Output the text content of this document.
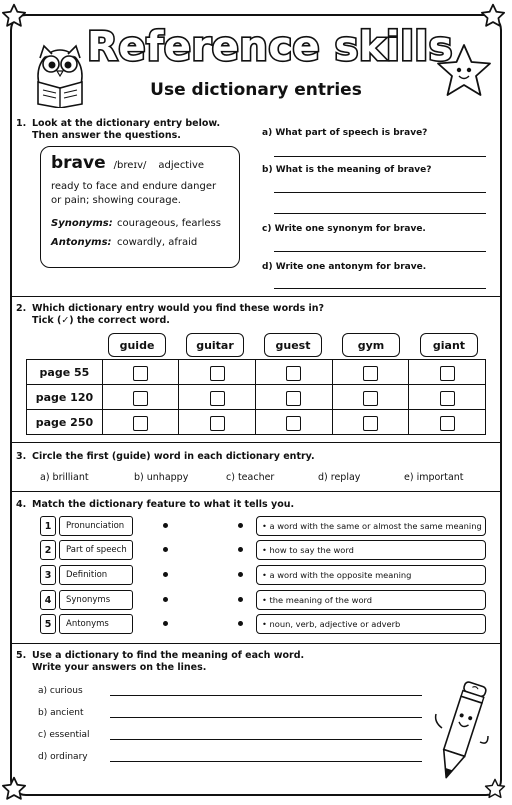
Reference skills
Use dictionary entries
1. Look at the dictionary entry below.
Then answer the questions.
brave /breɪv/ adjective
ready to face and endure danger
or pain; showing courage.
Synonyms: courageous, fearless
Antonyms: cowardly, afraid
a) What part of speech is brave?
b) What is the meaning of brave?
c) Write one synonym for brave.
d) Write one antonym for brave.
2. Which dictionary entry would you find these words in?
Tick (✓) the correct word.
guide	guitar	guest	gym	giant
page 55					
page 120					
page 250					
3. Circle the first (guide) word in each dictionary entry.
a) brilliant	b) unhappy	c) teacher	d) replay	e) important
4. Match the dictionary feature to what it tells you.
1	Pronunciation	• a word with the same or almost the same meaning
2	Part of speech	• how to say the word
3	Definition	• a word with the opposite meaning
4	Synonyms	• the meaning of the word
5	Antonyms	• noun, verb, adjective or adverb
5. Use a dictionary to find the meaning of each word.
Write your answers on the lines.
a) curious
b) ancient
c) essential
d) ordinary
